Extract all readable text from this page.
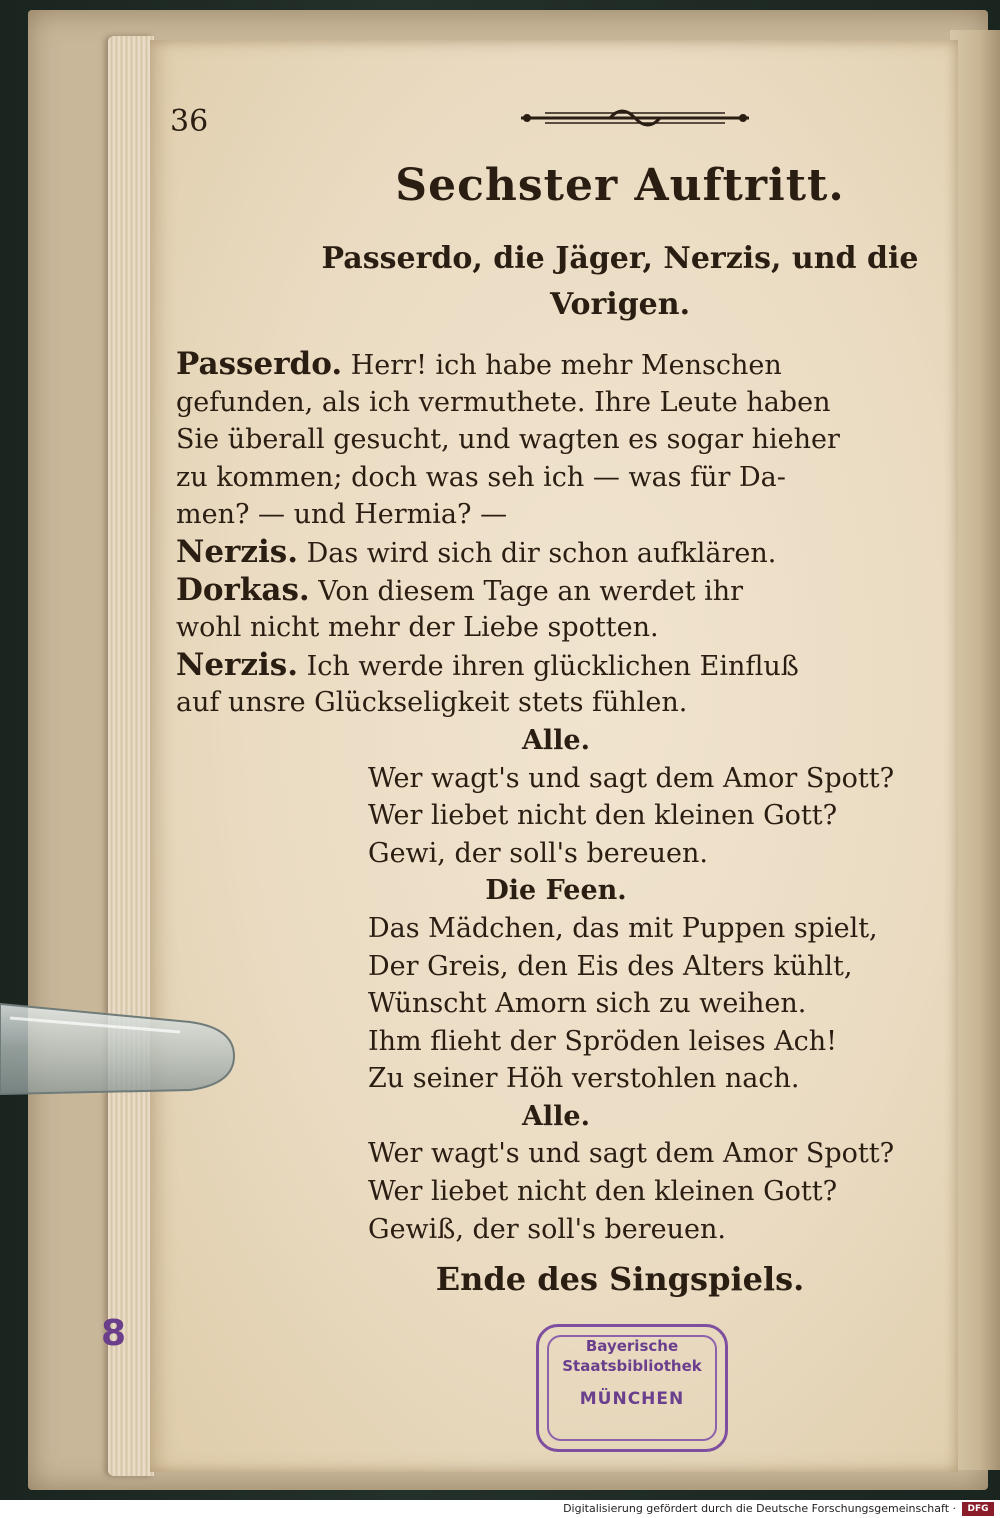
36
Sechster Auftritt.
Passerdo, die Jäger, Nerzis, und die Vorigen.
Passerdo. Herr! ich habe mehr Menschen
gefunden, als ich vermuthete. Ihre Leute haben
Sie überall gesucht, und wagten es sogar hieher
zu kommen; doch was seh ich — was für Da-
men? — und Hermia? —
Nerzis. Das wird sich dir schon aufklären.
Dorkas. Von diesem Tage an werdet ihr
wohl nicht mehr der Liebe spotten.
Nerzis. Ich werde ihren glücklichen Einfluß
auf unsre Glückseligkeit stets fühlen.
Alle.
Wer wagt's und sagt dem Amor Spott?
Wer liebet nicht den kleinen Gott?
Gewi, der soll's bereuen.
Die Feen.
Das Mädchen, das mit Puppen spielt,
Der Greis, den Eis des Alters kühlt,
Wünscht Amorn sich zu weihen.
Ihm flieht der Spröden leises Ach!
Zu seiner Höh verstohlen nach.
Alle.
Wer wagt's und sagt dem Amor Spott?
Wer liebet nicht den kleinen Gott?
Gewiß, der soll's bereuen.
Ende des Singspiels.
8	Bayerische
Staatsbibliothek
MÜNCHEN
Digitalisierung gefördert durch die Deutsche Forschungsgemeinschaft ·	DFG
